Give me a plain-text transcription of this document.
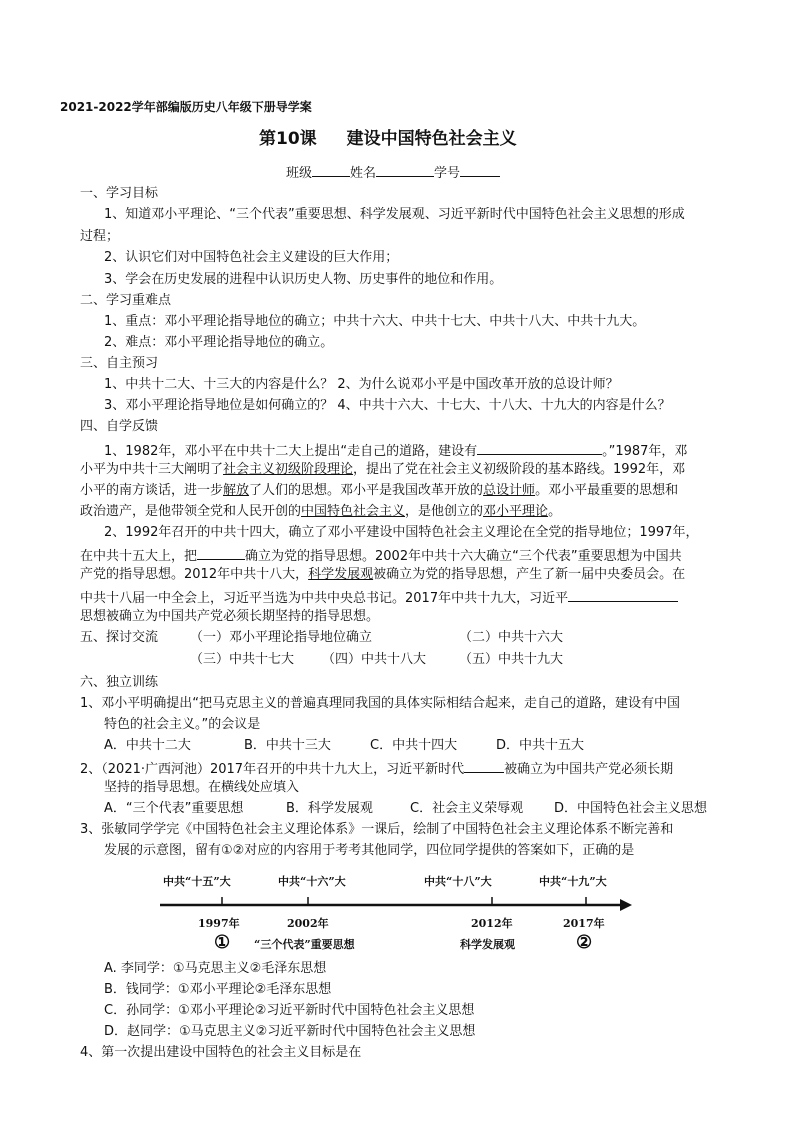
2021-2022学年部编版历史八年级下册导学案
第10课 建设中国特色社会主义
班级	姓名	学号
一、学习目标
1、知道邓小平理论、“三个代表”重要思想、科学发展观、习近平新时代中国特色社会主义思想的形成
过程；
2、认识它们对中国特色社会主义建设的巨大作用；
3、学会在历史发展的进程中认识历史人物、历史事件的地位和作用。
二、学习重难点
1、重点：邓小平理论指导地位的确立；中共十六大、中共十七大、中共十八大、中共十九大。
2、难点：邓小平理论指导地位的确立。
三、自主预习
1、中共十二大、十三大的内容是什么？ 2、为什么说邓小平是中国改革开放的总设计师？
3、邓小平理论指导地位是如何确立的？ 4、中共十六大、十七大、十八大、十九大的内容是什么？
四、自学反馈
1、1982年，邓小平在中共十二大上提出“走自己的道路，建设有	。”1987年，邓
小平为中共十三大阐明了社会主义初级阶段理论，提出了党在社会主义初级阶段的基本路线。1992年，邓
小平的南方谈话，进一步解放了人们的思想。邓小平是我国改革开放的总设计师。邓小平最重要的思想和
政治遗产，是他带领全党和人民开创的中国特色社会主义，是他创立的邓小平理论。
2、1992年召开的中共十四大，确立了邓小平建设中国特色社会主义理论在全党的指导地位；1997年，
在中共十五大上，把	确立为党的指导思想。2002年中共十六大确立“三个代表”重要思想为中国共
产党的指导思想。2012年中共十八大，科学发展观被确立为党的指导思想，产生了新一届中央委员会。在
中共十八届一中全会上，习近平当选为中共中央总书记。2017年中共十九大，习近平
思想被确立为中国共产党必须长期坚持的指导思想。
五、探讨交流 （一）邓小平理论指导地位确立	（二）中共十六大
（三）中共十七大 （四）中共十八大	（五）中共十九大
六、独立训练
1、邓小平明确提出“把马克思主义的普遍真理同我国的具体实际相结合起来，走自己的道路，建设有中国
特色的社会主义。”的会议是
A．中共十二大	B．中共十三大	C．中共十四大	D．中共十五大
2、（2021·广西河池）2017年召开的中共十九大上，习近平新时代	被确立为中国共产党必须长期
坚持的指导思想。在横线处应填入
A．“三个代表”重要思想	B．科学发展观	C．社会主义荣辱观 D．中国特色社会主义思想
3、张敏同学学完《中国特色社会主义理论体系》一课后，绘制了中国特色社会主义理论体系不断完善和
发展的示意图，留有①②对应的内容用于考考其他同学，四位同学提供的答案如下，正确的是
中共“十五”大	中共“十六”大	中共“十八”大	中共“十九”大
1997年	2002年	2012年	2017年
① “三个代表”重要思想	科学发展观	②
A. 李同学：①马克思主义②毛泽东思想
B．钱同学：①邓小平理论②毛泽东思想
C．孙同学：①邓小平理论②习近平新时代中国特色社会主义思想
D．赵同学：①马克思主义②习近平新时代中国特色社会主义思想
4、第一次提出建设中国特色的社会主义目标是在
